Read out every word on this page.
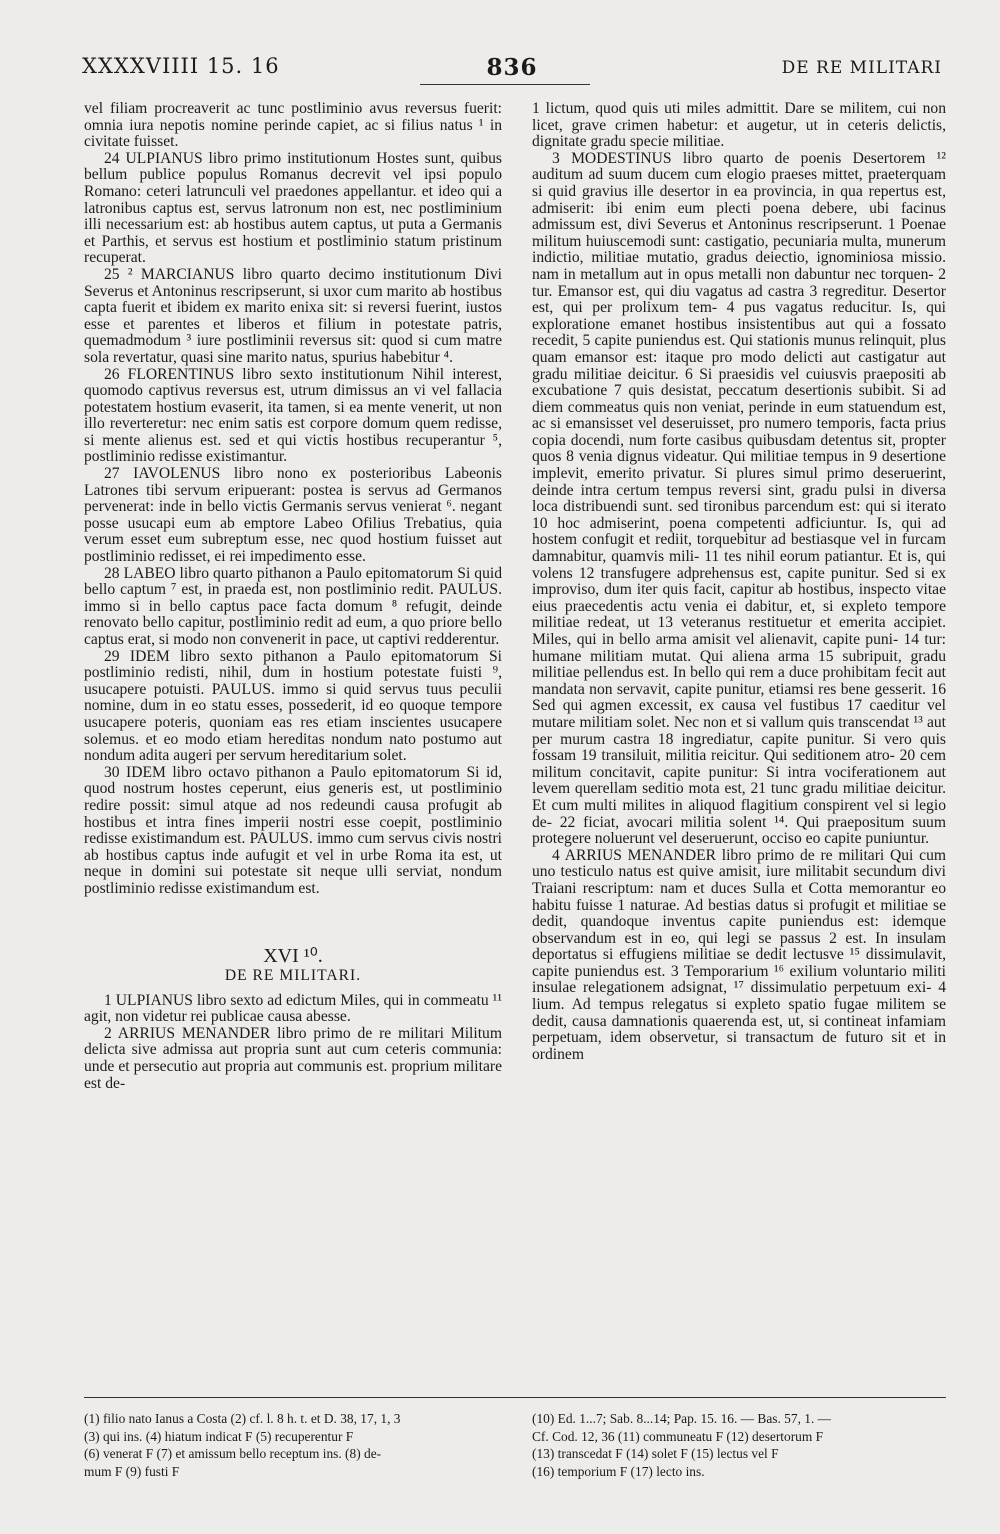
XXXXVIIII 15. 16	836	DE RE MILITARI

vel filiam procreaverit ac tunc postliminio avus reversus fuerit: omnia iura nepotis nomine perinde capiet, ac si filius natus ¹ in civitate fuisset.

24 ULPIANUS libro primo institutionum Hostes sunt, quibus bellum publice populus Romanus decrevit vel ipsi populo Romano: ceteri latrunculi vel praedones appellantur. et ideo qui a latronibus captus est, servus latronum non est, nec postliminium illi necessarium est: ab hostibus autem captus, ut puta a Germanis et Parthis, et servus est hostium et postliminio statum pristinum recuperat.

25 ² MARCIANUS libro quarto decimo institutionum Divi Severus et Antoninus rescripserunt, si uxor cum marito ab hostibus capta fuerit et ibidem ex marito enixa sit: si reversi fuerint, iustos esse et parentes et liberos et filium in potestate patris, quemadmodum ³ iure postliminii reversus sit: quod si cum matre sola revertatur, quasi sine marito natus, spurius habebitur ⁴.

26 FLORENTINUS libro sexto institutionum Nihil interest, quomodo captivus reversus est, utrum dimissus an vi vel fallacia potestatem hostium evaserit, ita tamen, si ea mente venerit, ut non illo reverteretur: nec enim satis est corpore domum quem redisse, si mente alienus est. sed et qui victis hostibus recuperantur ⁵, postliminio redisse existimantur.

27 IAVOLENUS libro nono ex posterioribus Labeonis Latrones tibi servum eripuerant: postea is servus ad Germanos pervenerat: inde in bello victis Germanis servus venierat ⁶. negant posse usucapi eum ab emptore Labeo Ofilius Trebatius, quia verum esset eum subreptum esse, nec quod hostium fuisset aut postliminio redisset, ei rei impedimento esse.

28 LABEO libro quarto pithanon a Paulo epitomatorum Si quid bello captum ⁷ est, in praeda est, non postliminio redit. PAULUS. immo si in bello captus pace facta domum ⁸ refugit, deinde renovato bello capitur, postliminio redit ad eum, a quo priore bello captus erat, si modo non convenerit in pace, ut captivi redderentur.

29 IDEM libro sexto pithanon a Paulo epitomatorum Si postliminio redisti, nihil, dum in hostium potestate fuisti ⁹, usucapere potuisti. PAULUS. immo si quid servus tuus peculii nomine, dum in eo statu esses, possederit, id eo quoque tempore usucapere poteris, quoniam eas res etiam inscientes usucapere solemus. et eo modo etiam hereditas nondum nato postumo aut nondum adita augeri per servum hereditarium solet.

30 IDEM libro octavo pithanon a Paulo epitomatorum Si id, quod nostrum hostes ceperunt, eius generis est, ut postliminio redire possit: simul atque ad nos redeundi causa profugit ab hostibus et intra fines imperii nostri esse coepit, postliminio redisse existimandum est. PAULUS. immo cum servus civis nostri ab hostibus captus inde aufugit et vel in urbe Roma ita est, ut neque in domini sui potestate sit neque ulli serviat, nondum postliminio redisse existimandum est.

XVI ¹⁰.

DE RE MILITARI.

1 ULPIANUS libro sexto ad edictum Miles, qui in commeatu ¹¹ agit, non videtur rei publicae causa abesse.

2 ARRIUS MENANDER libro primo de re militari Militum delicta sive admissa aut propria sunt aut cum ceteris communia: unde et persecutio aut propria aut communis est. proprium militare est de-

1 lictum, quod quis uti miles admittit. Dare se militem, cui non licet, grave crimen habetur: et augetur, ut in ceteris delictis, dignitate gradu specie militiae.

3 MODESTINUS libro quarto de poenis Desertorem ¹² auditum ad suum ducem cum elogio praeses mittet, praeterquam si quid gravius ille desertor in ea provincia, in qua repertus est, admiserit: ibi enim eum plecti poena debere, ubi facinus admissum est, divi Severus et Antoninus rescripserunt. 1 Poenae militum huiuscemodi sunt: castigatio, pecuniaria multa, munerum indictio, militiae mutatio, gradus deiectio, ignominiosa missio. nam in metallum aut in opus metalli non dabuntur nec torquen- 2 tur. Emansor est, qui diu vagatus ad castra 3 regreditur. Desertor est, qui per prolixum tem- 4 pus vagatus reducitur. Is, qui exploratione emanet hostibus insistentibus aut qui a fossato recedit, 5 capite puniendus est. Qui stationis munus relinquit, plus quam emansor est: itaque pro modo delicti aut castigatur aut gradu militiae deicitur. 6 Si praesidis vel cuiusvis praepositi ab excubatione 7 quis desistat, peccatum desertionis subibit. Si ad diem commeatus quis non veniat, perinde in eum statuendum est, ac si emansisset vel deseruisset, pro numero temporis, facta prius copia docendi, num forte casibus quibusdam detentus sit, propter quos 8 venia dignus videatur. Qui militiae tempus in 9 desertione implevit, emerito privatur. Si plures simul primo deseruerint, deinde intra certum tempus reversi sint, gradu pulsi in diversa loca distribuendi sunt. sed tironibus parcendum est: qui si iterato 10 hoc admiserint, poena competenti adficiuntur. Is, qui ad hostem confugit et rediit, torquebitur ad bestiasque vel in furcam damnabitur, quamvis mili- 11 tes nihil eorum patiantur. Et is, qui volens 12 transfugere adprehensus est, capite punitur. Sed si ex improviso, dum iter quis facit, capitur ab hostibus, inspecto vitae eius praecedentis actu venia ei dabitur, et, si expleto tempore militiae redeat, ut 13 veteranus restituetur et emerita accipiet. Miles, qui in bello arma amisit vel alienavit, capite puni- 14 tur: humane militiam mutat. Qui aliena arma 15 subripuit, gradu militiae pellendus est. In bello qui rem a duce prohibitam fecit aut mandata non servavit, capite punitur, etiamsi res bene gesserit. 16 Sed qui agmen excessit, ex causa vel fustibus 17 caeditur vel mutare militiam solet. Nec non et si vallum quis transcendat ¹³ aut per murum castra 18 ingrediatur, capite punitur. Si vero quis fossam 19 transiluit, militia reicitur. Qui seditionem atro- 20 cem militum concitavit, capite punitur: Si intra vociferationem aut levem querellam seditio mota est, 21 tunc gradu militiae deicitur. Et cum multi milites in aliquod flagitium conspirent vel si legio de- 22 ficiat, avocari militia solent ¹⁴. Qui praepositum suum protegere noluerunt vel deseruerunt, occiso eo capite puniuntur.

4 ARRIUS MENANDER libro primo de re militari Qui cum uno testiculo natus est quive amisit, iure militabit secundum divi Traiani rescriptum: nam et duces Sulla et Cotta memorantur eo habitu fuisse 1 naturae. Ad bestias datus si profugit et militiae se dedit, quandoque inventus capite puniendus est: idemque observandum est in eo, qui legi se passus 2 est. In insulam deportatus si effugiens militiae se dedit lectusve ¹⁵ dissimulavit, capite puniendus est. 3 Temporarium ¹⁶ exilium voluntario militi insulae relegationem adsignat, ¹⁷ dissimulatio perpetuum exi- 4 lium. Ad tempus relegatus si expleto spatio fugae militem se dedit, causa damnationis quaerenda est, ut, si contineat infamiam perpetuam, idem observetur, si transactum de futuro sit et in ordinem

(1) filio nato Ianus a Costa (2) cf. l. 8 h. t. et D. 38, 17, 1, 3

(3) qui ins. (4) hiatum indicat F (5) recuperentur F

(6) venerat F (7) et amissum bello receptum ins. (8) de-

mum F (9) fusti F

(10) Ed. 1...7; Sab. 8...14; Pap. 15. 16. — Bas. 57, 1. —

Cf. Cod. 12, 36 (11) communeatu F (12) desertorum F

(13) transcedat F (14) solet F (15) lectus vel F

(16) temporium F (17) lecto ins.
